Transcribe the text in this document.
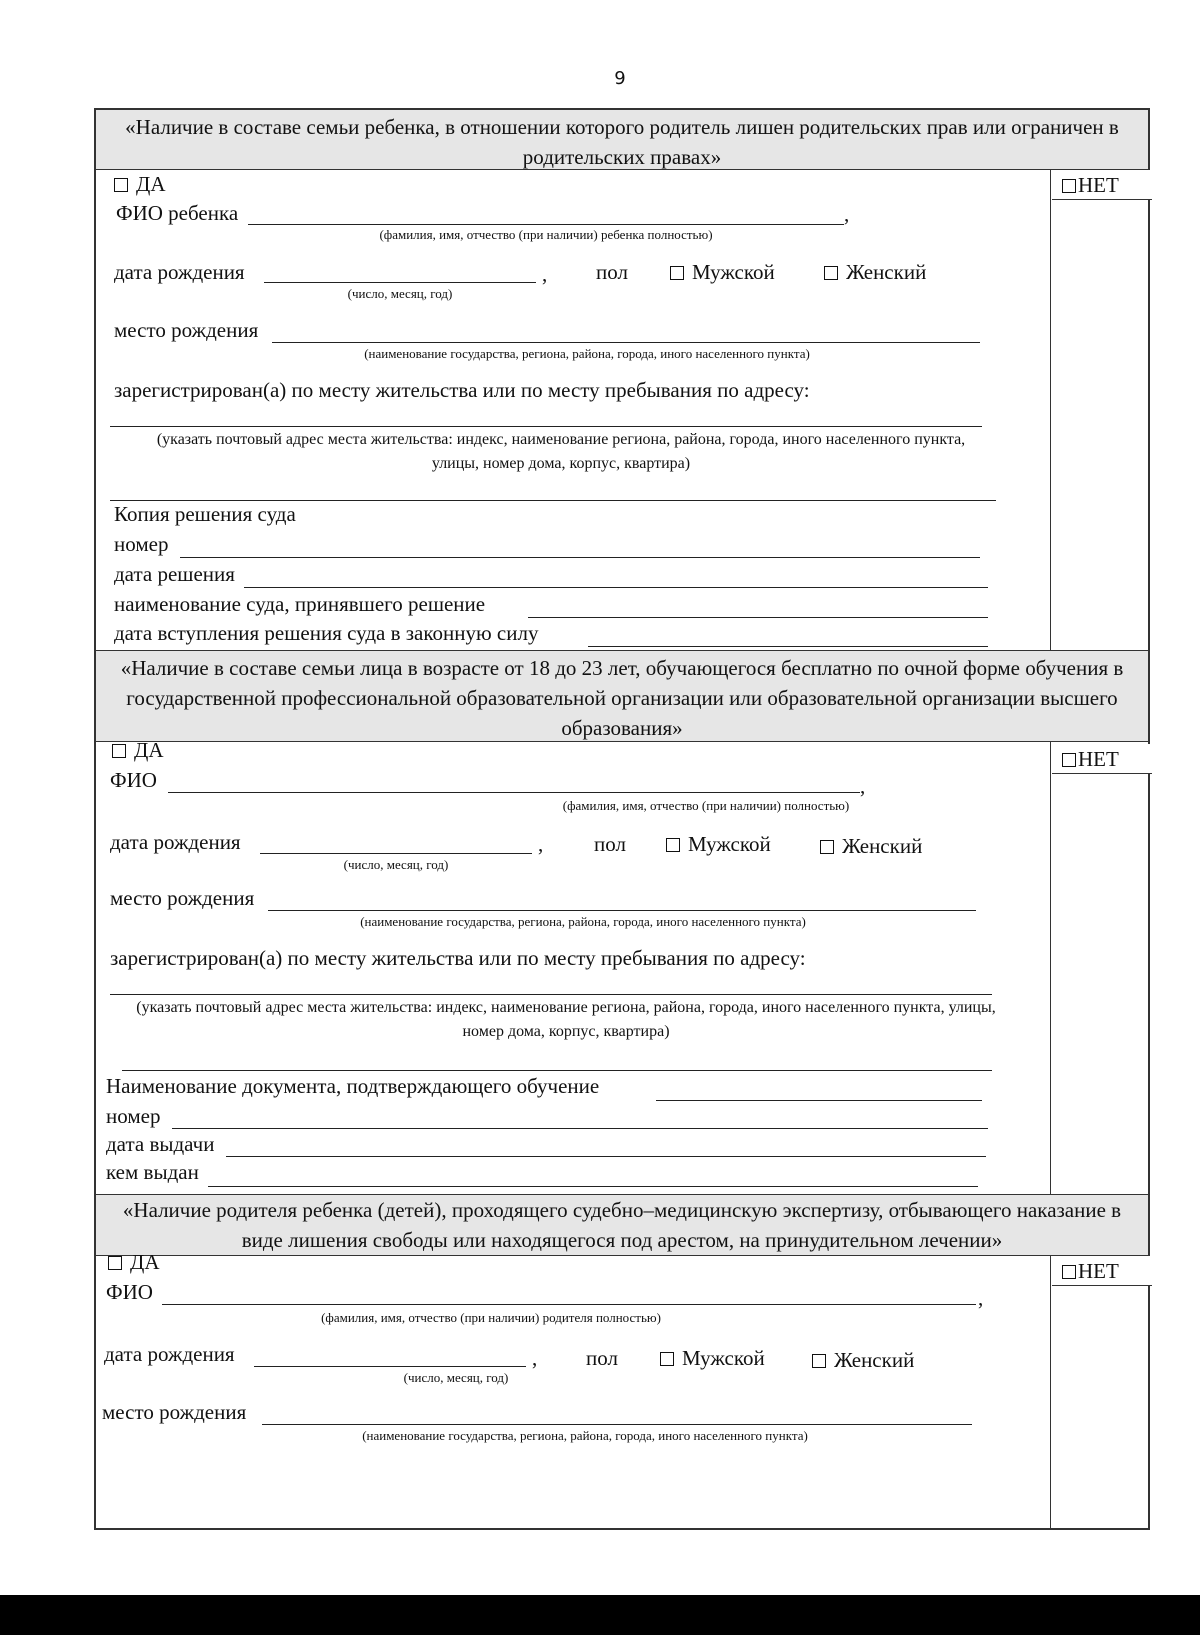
9
«Наличие в составе семьи ребенка, в отношении которого родитель лишен родительских прав или ограничен в родительских правах»
ДА	НЕТ
ФИО ребенка	,
(фамилия, имя, отчество (при наличии) ребенка полностью)
дата рождения	,
(число, месяц, год)
пол	Мужской	Женский
место рождения
(наименование государства, региона, района, города, иного населенного пункта)
зарегистрирован(а) по месту жительства или по месту пребывания по адресу:
(указать почтовый адрес места жительства: индекс, наименование региона, района, города, иного населенного пункта, улицы, номер дома, корпус, квартира)
Копия решения суда
номер
дата решения
наименование суда, принявшего решение
дата вступления решения суда в законную силу
«Наличие в составе семьи лица в возрасте от 18 до 23 лет, обучающегося бесплатно по очной форме обучения в государственной профессиональной образовательной организации или образовательной организации высшего образования»
ДА	НЕТ
ФИО	,
(фамилия, имя, отчество (при наличии) полностью)
дата рождения	,
(число, месяц, год)
пол	Мужской	Женский
место рождения
(наименование государства, региона, района, города, иного населенного пункта)
зарегистрирован(а) по месту жительства или по месту пребывания по адресу:
(указать почтовый адрес места жительства: индекс, наименование региона, района, города, иного населенного пункта, улицы, номер дома, корпус, квартира)
Наименование документа, подтверждающего обучение
номер
дата выдачи
кем выдан
«Наличие родителя ребенка (детей), проходящего судебно–медицинскую экспертизу, отбывающего наказание в виде лишения свободы или находящегося под арестом, на принудительном лечении»
ДА	НЕТ
ФИО	,
(фамилия, имя, отчество (при наличии) родителя полностью)
дата рождения	,
(число, месяц, год)
пол	Мужской	Женский
место рождения
(наименование государства, региона, района, города, иного населенного пункта)
